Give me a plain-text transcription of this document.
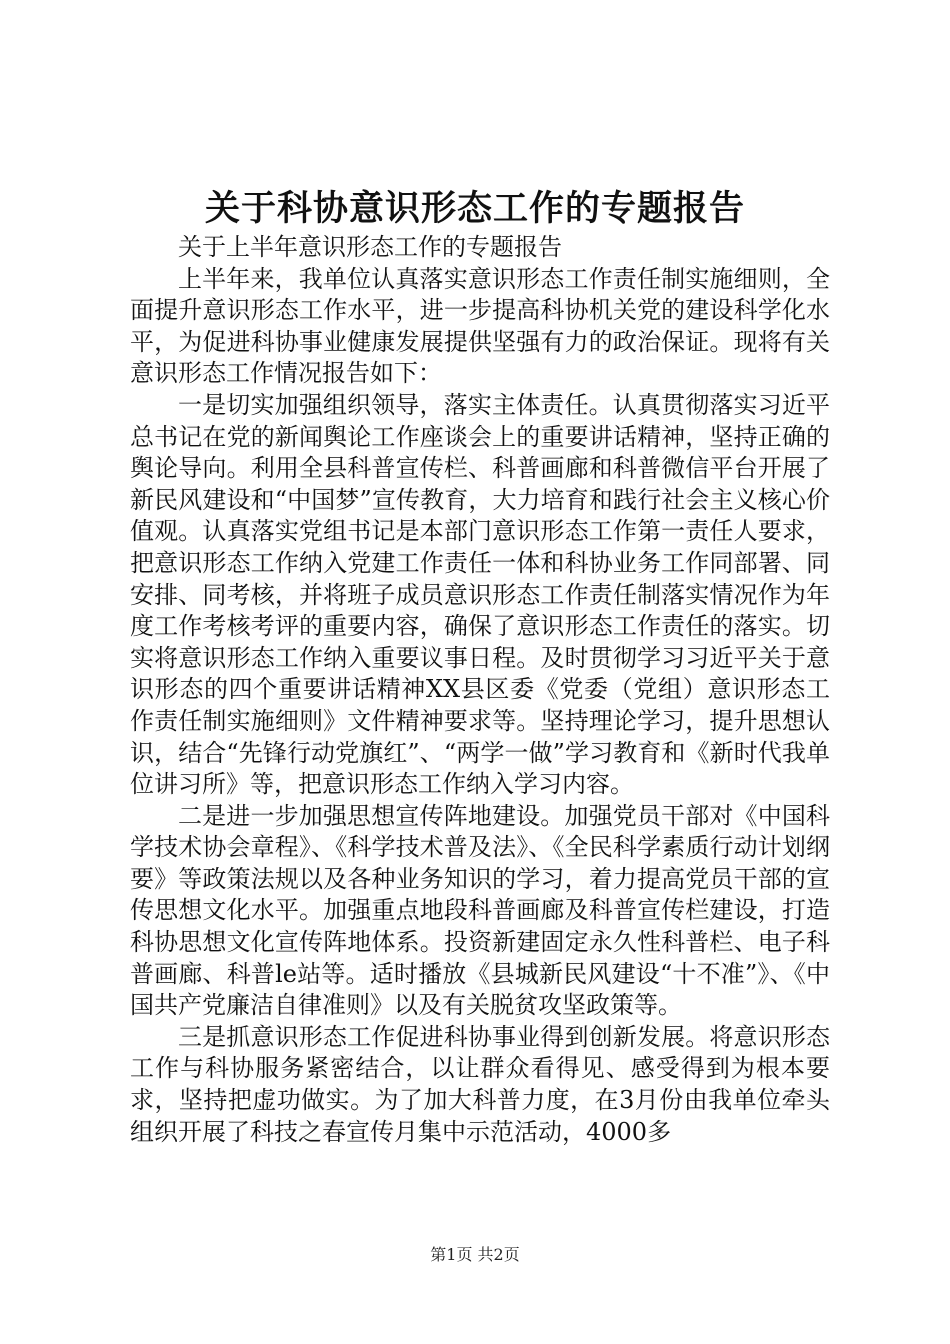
关于科协意识形态工作的专题报告

关于上半年意识形态工作的专题报告

上半年来，我单位认真落实意识形态工作责任制实施细则，全面提升意识形态工作水平，进一步提高科协机关党的建设科学化水平，为促进科协事业健康发展提供坚强有力的政治保证。现将有关意识形态工作情况报告如下：

一是切实加强组织领导，落实主体责任。认真贯彻落实习近平总书记在党的新闻舆论工作座谈会上的重要讲话精神，坚持正确的舆论导向。利用全县科普宣传栏、科普画廊和科普微信平台开展了新民风建设和“中国梦”宣传教育，大力培育和践行社会主义核心价值观。认真落实党组书记是本部门意识形态工作第一责任人要求，把意识形态工作纳入党建工作责任一体和科协业务工作同部署、同安排、同考核，并将班子成员意识形态工作责任制落实情况作为年度工作考核考评的重要内容，确保了意识形态工作责任的落实。切实将意识形态工作纳入重要议事日程。及时贯彻学习习近平关于意识形态的四个重要讲话精神XX县区委《党委（党组）意识形态工作责任制实施细则》文件精神要求等。坚持理论学习，提升思想认识，结合“先锋行动党旗红”、“两学一做”学习教育和《新时代我单位讲习所》等，把意识形态工作纳入学习内容。

二是进一步加强思想宣传阵地建设。加强党员干部对《中国科学技术协会章程》、《科学技术普及法》、《全民科学素质行动计划纲要》等政策法规以及各种业务知识的学习，着力提高党员干部的宣传思想文化水平。加强重点地段科普画廊及科普宣传栏建设，打造科协思想文化宣传阵地体系。投资新建固定永久性科普栏、电子科普画廊、科普le站等。适时播放《县城新民风建设“十不准”》、《中国共产党廉洁自律准则》以及有关脱贫攻坚政策等。

三是抓意识形态工作促进科协事业得到创新发展。将意识形态工作与科协服务紧密结合，以让群众看得见、感受得到为根本要求，坚持把虚功做实。为了加大科普力度，在3月份由我单位牵头组织开展了科技之春宣传月集中示范活动，4000多

第1页 共2页
